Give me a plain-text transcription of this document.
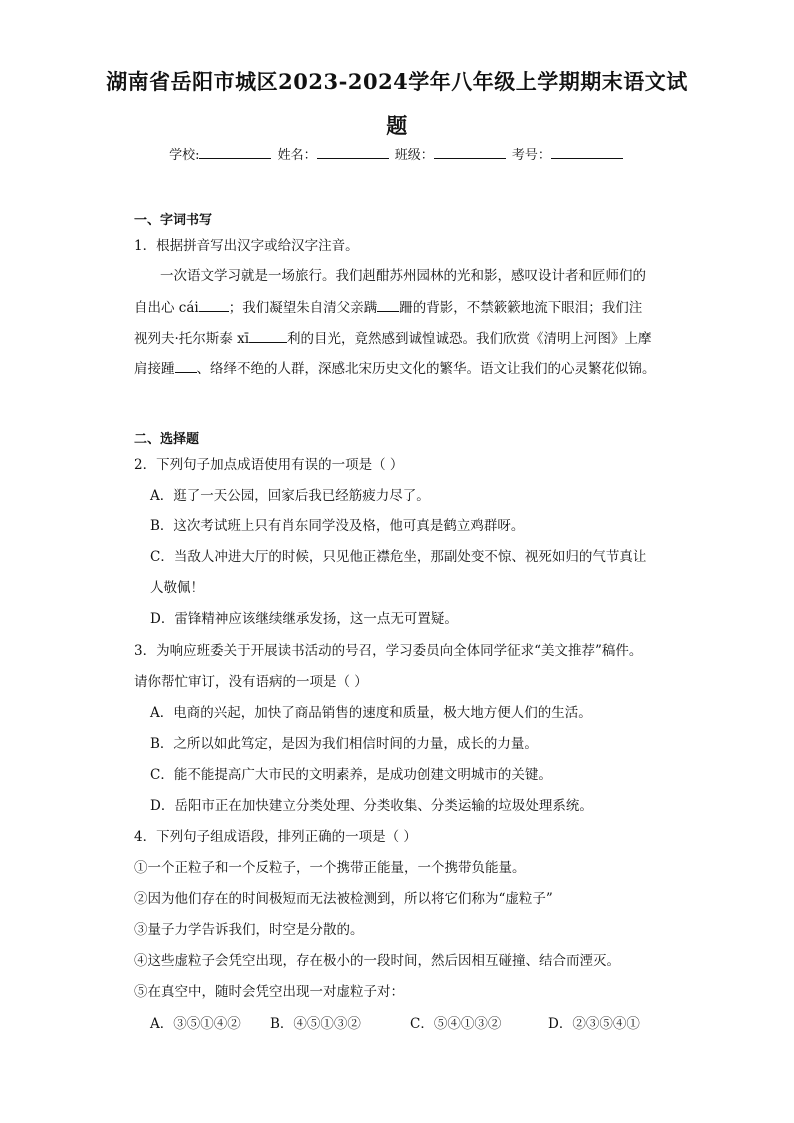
湖南省岳阳市城区2023-2024学年八年级上学期期末语文试
题
学校:	姓名：	班级：	考号：
一、字词书写
1．根据拼音写出汉字或给汉字注音。
一次语文学习就是一场旅行。我们赳酣苏州园林的光和影，感叹设计者和匠师们的
自出心 cái ；我们凝望朱自清父亲蹒 跚的背影，不禁簌簌地流下眼泪；我们注
视列夫·托尔斯泰 xī	利的目光，竟然感到诚惶诚恐。我们欣赏《清明上河图》上摩
肩接踵 、络绎不绝的人群，深感北宋历史文化的繁华。语文让我们的心灵繁花似锦。
二、选择题
2．下列句子加点成语使用有误的一项是（ ）
A．逛了一天公园，回家后我已经筋疲力尽了。
B．这次考试班上只有肖东同学没及格，他可真是鹤立鸡群呀。
C．当敌人冲进大厅的时候，只见他正襟危坐，那副处变不惊、视死如归的气节真让
人敬佩！
D．雷锋精神应该继续继承发扬，这一点无可置疑。
3．为响应班委关于开展读书活动的号召，学习委员向全体同学征求“美文推荐”稿件。
请你帮忙审订，没有语病的一项是（ ）
A．电商的兴起，加快了商品销售的速度和质量，极大地方便人们的生活。
B．之所以如此笃定，是因为我们相信时间的力量，成长的力量。
C．能不能提高广大市民的文明素养，是成功创建文明城市的关键。
D．岳阳市正在加快建立分类处理、分类收集、分类运输的垃圾处理系统。
4．下列句子组成语段，排列正确的一项是（ ）
①一个正粒子和一个反粒子，一个携带正能量，一个携带负能量。
②因为他们存在的时间极短而无法被检测到，所以将它们称为“虚粒子”
③量子力学告诉我们，时空是分散的。
④这些虚粒子会凭空出现，存在极小的一段时间，然后因相互碰撞、结合而湮灭。
⑤在真空中，随时会凭空出现一对虚粒子对：
A．③⑤①④② B．④⑤①③②	C．⑤④①③②	D．②③⑤④①
